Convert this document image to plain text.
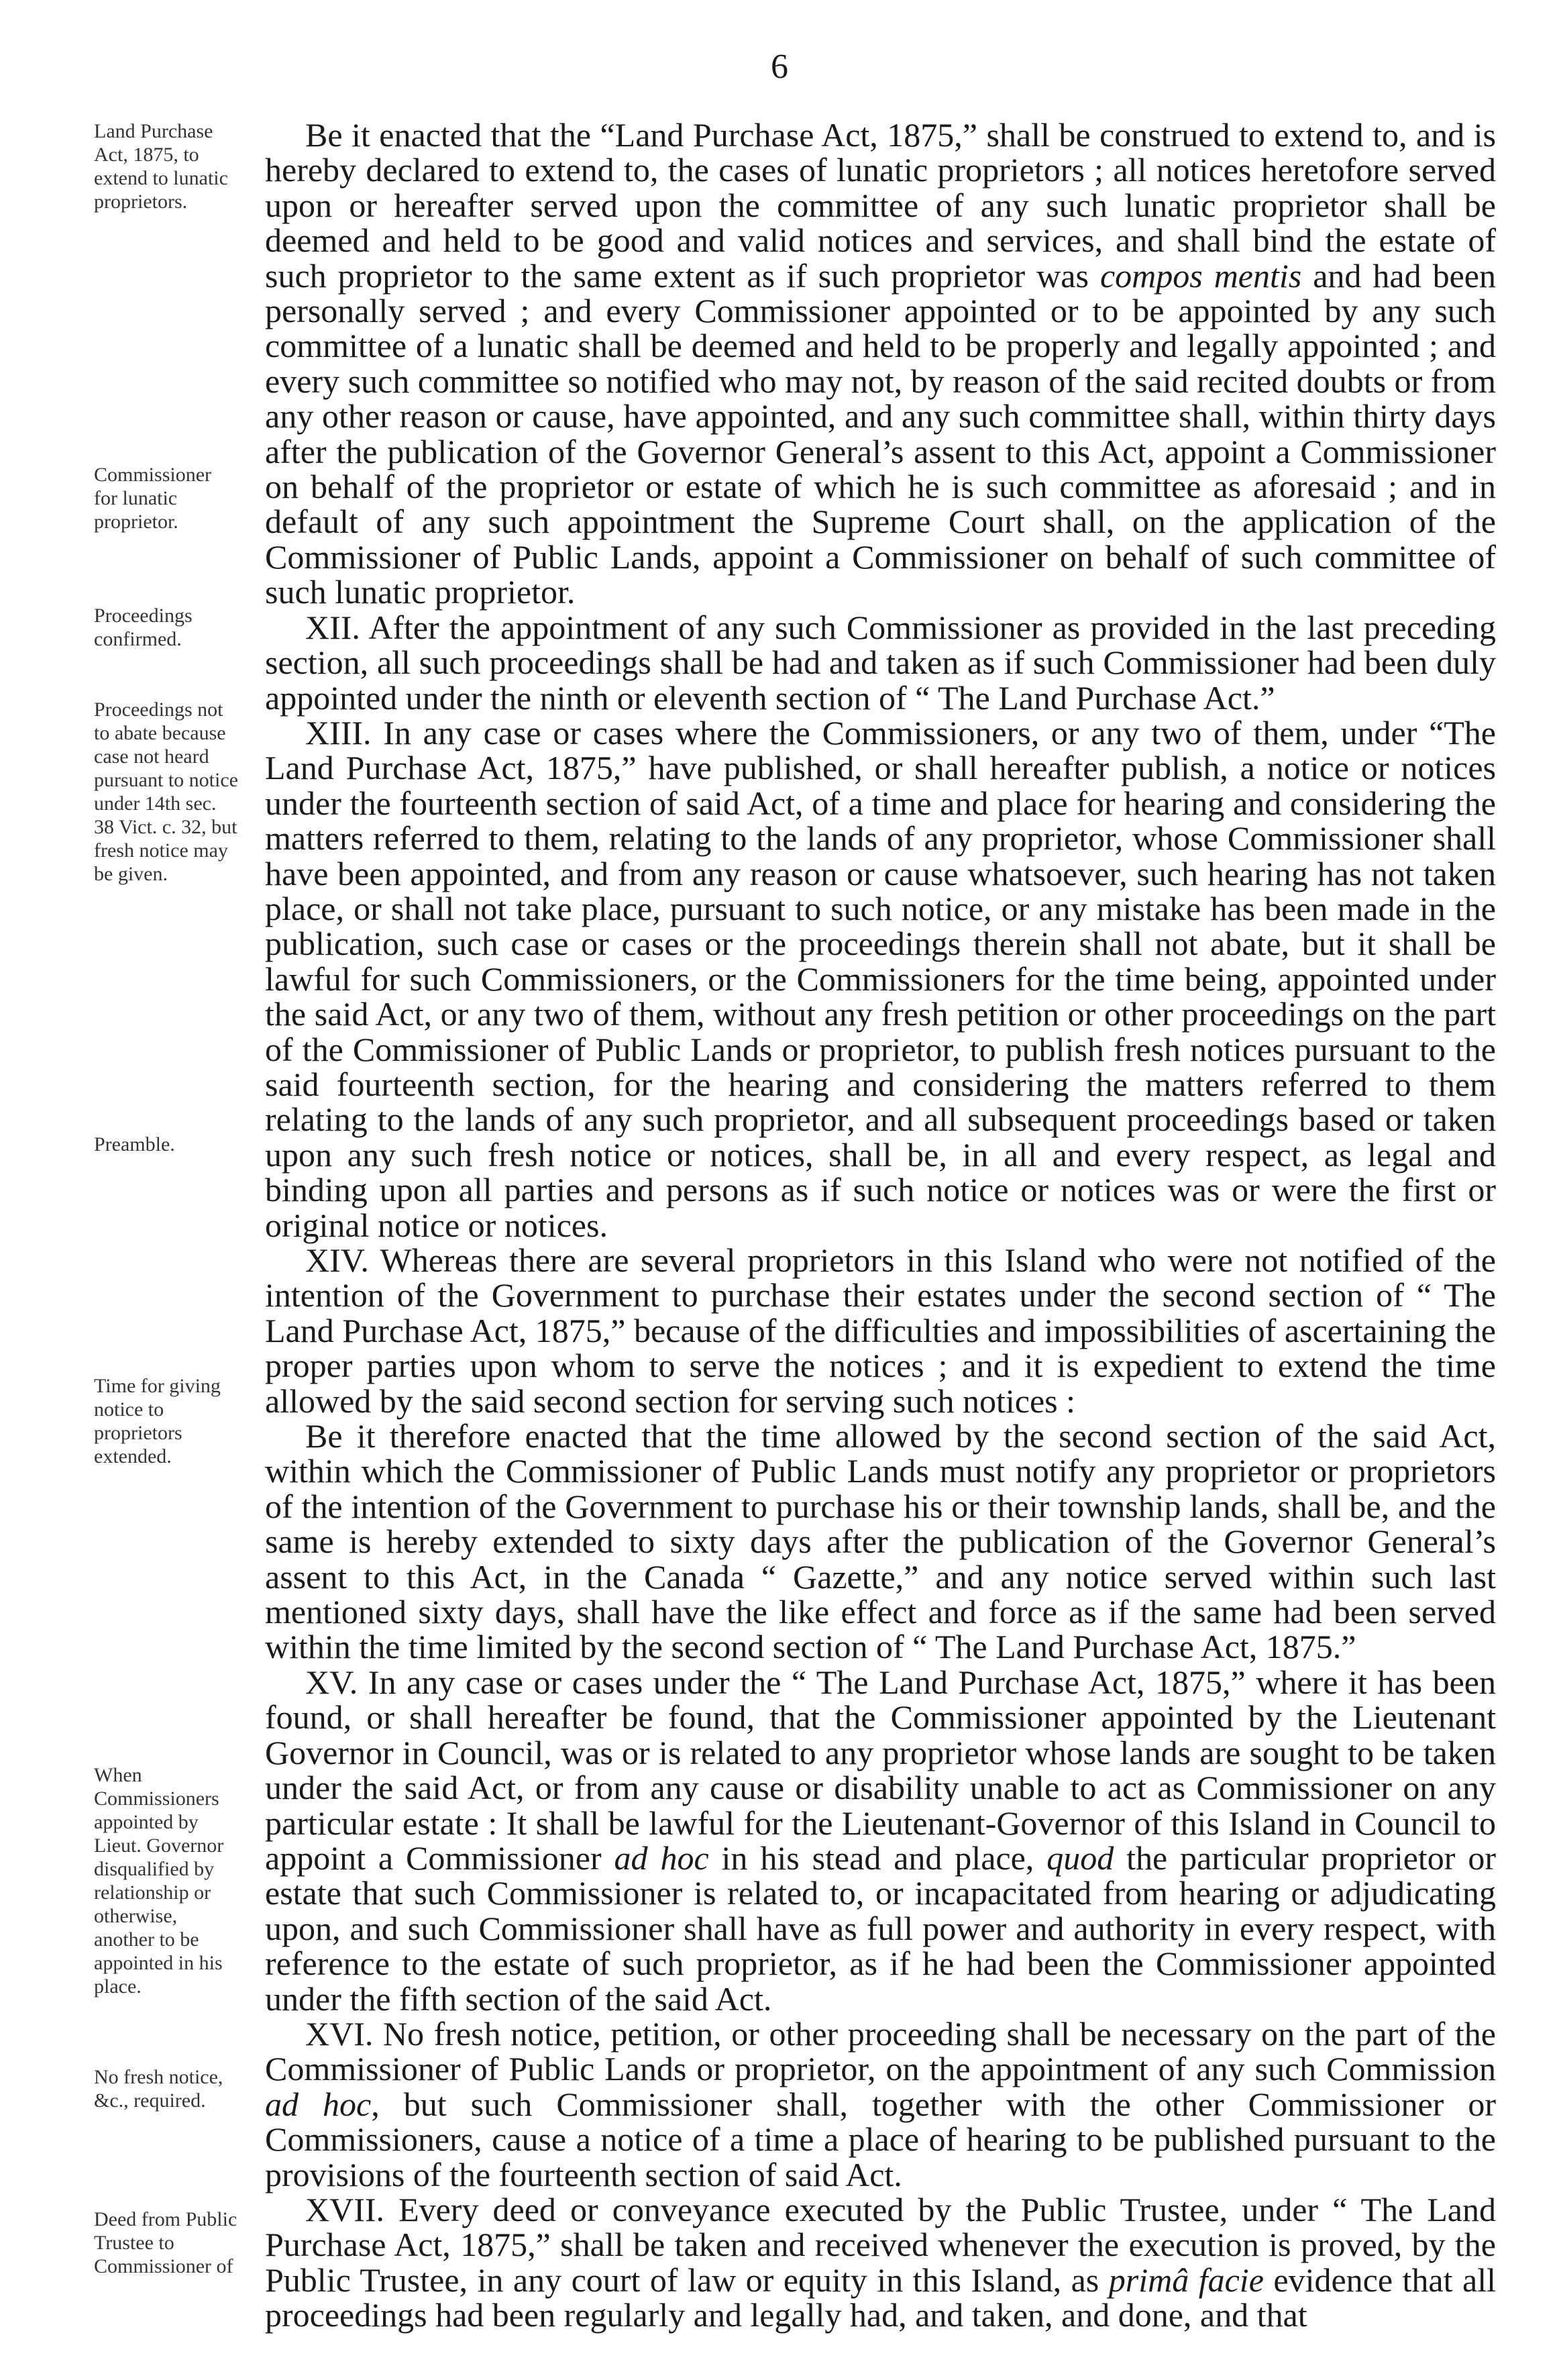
6
Land Purchase Act, 1875, to extend to lunatic proprietors.
Commissioner for lunatic proprietor.
Proceedings confirmed.
Proceedings not to abate because case not heard pursuant to notice under 14th sec. 38 Vict. c. 32, but fresh notice may be given.
Preamble.
Time for giving notice to proprietors extended.
When Commissioners appointed by Lieut. Governor disqualified by relationship or otherwise, another to be appointed in his place.
No fresh notice, &c., required.
Deed from Public Trustee to Commissioner of

Be it enacted that the “Land Purchase Act, 1875,” shall be construed to extend to, and is hereby declared to extend to, the cases of lunatic proprietors ; all notices heretofore served upon or hereafter served upon the committee of any such lunatic proprietor shall be deemed and held to be good and valid notices and services, and shall bind the estate of such proprietor to the same extent as if such proprietor was compos mentis and had been personally served ; and every Commissioner appointed or to be appointed by any such committee of a lunatic shall be deemed and held to be properly and legally appointed ; and every such committee so notified who may not, by reason of the said recited doubts or from any other reason or cause, have appointed, and any such committee shall, within thirty days after the publication of the Governor General’s assent to this Act, appoint a Commissioner on behalf of the proprietor or estate of which he is such committee as aforesaid ; and in default of any such appointment the Supreme Court shall, on the application of the Commissioner of Public Lands, appoint a Commissioner on behalf of such committee of such lunatic proprietor.

XII. After the appointment of any such Commissioner as provided in the last preceding section, all such proceedings shall be had and taken as if such Commissioner had been duly appointed under the ninth or eleventh section of “ The Land Purchase Act.”

XIII. In any case or cases where the Commissioners, or any two of them, under “The Land Purchase Act, 1875,” have published, or shall hereafter publish, a notice or notices under the fourteenth section of said Act, of a time and place for hearing and considering the matters referred to them, relating to the lands of any proprietor, whose Commissioner shall have been appointed, and from any reason or cause whatsoever, such hearing has not taken place, or shall not take place, pursuant to such notice, or any mistake has been made in the publication, such case or cases or the proceedings therein shall not abate, but it shall be lawful for such Commissioners, or the Commissioners for the time being, appointed under the said Act, or any two of them, without any fresh petition or other proceedings on the part of the Commissioner of Public Lands or proprietor, to publish fresh notices pursuant to the said fourteenth section, for the hearing and considering the matters referred to them relating to the lands of any such proprietor, and all subsequent proceedings based or taken upon any such fresh notice or notices, shall be, in all and every respect, as legal and binding upon all parties and persons as if such notice or notices was or were the first or original notice or notices.

XIV. Whereas there are several proprietors in this Island who were not notified of the intention of the Government to purchase their estates under the second section of “ The Land Purchase Act, 1875,” because of the difficulties and impossibilities of ascertaining the proper parties upon whom to serve the notices ; and it is expedient to extend the time allowed by the said second section for serving such notices :

Be it therefore enacted that the time allowed by the second section of the said Act, within which the Commissioner of Public Lands must notify any proprietor or proprietors of the intention of the Government to purchase his or their township lands, shall be, and the same is hereby extended to sixty days after the publication of the Governor General’s assent to this Act, in the Canada “ Gazette,” and any notice served within such last mentioned sixty days, shall have the like effect and force as if the same had been served within the time limited by the second section of “ The Land Purchase Act, 1875.”

XV. In any case or cases under the “ The Land Purchase Act, 1875,” where it has been found, or shall hereafter be found, that the Commissioner appointed by the Lieutenant Governor in Council, was or is related to any proprietor whose lands are sought to be taken under the said Act, or from any cause or disability unable to act as Commissioner on any particular estate : It shall be lawful for the Lieutenant-Governor of this Island in Council to appoint a Commissioner ad hoc in his stead and place, quod the particular proprietor or estate that such Commissioner is related to, or incapacitated from hearing or adjudicating upon, and such Commissioner shall have as full power and authority in every respect, with reference to the estate of such proprietor, as if he had been the Commissioner appointed under the fifth section of the said Act.

XVI. No fresh notice, petition, or other proceeding shall be necessary on the part of the Commissioner of Public Lands or proprietor, on the appointment of any such Commission ad hoc, but such Commissioner shall, together with the other Commissioner or Commissioners, cause a notice of a time a place of hearing to be published pursuant to the provisions of the fourteenth section of said Act.

XVII. Every deed or conveyance executed by the Public Trustee, under “ The Land Purchase Act, 1875,” shall be taken and received whenever the execution is proved, by the Public Trustee, in any court of law or equity in this Island, as primâ facie evidence that all proceedings had been regularly and legally had, and taken, and done, and that
